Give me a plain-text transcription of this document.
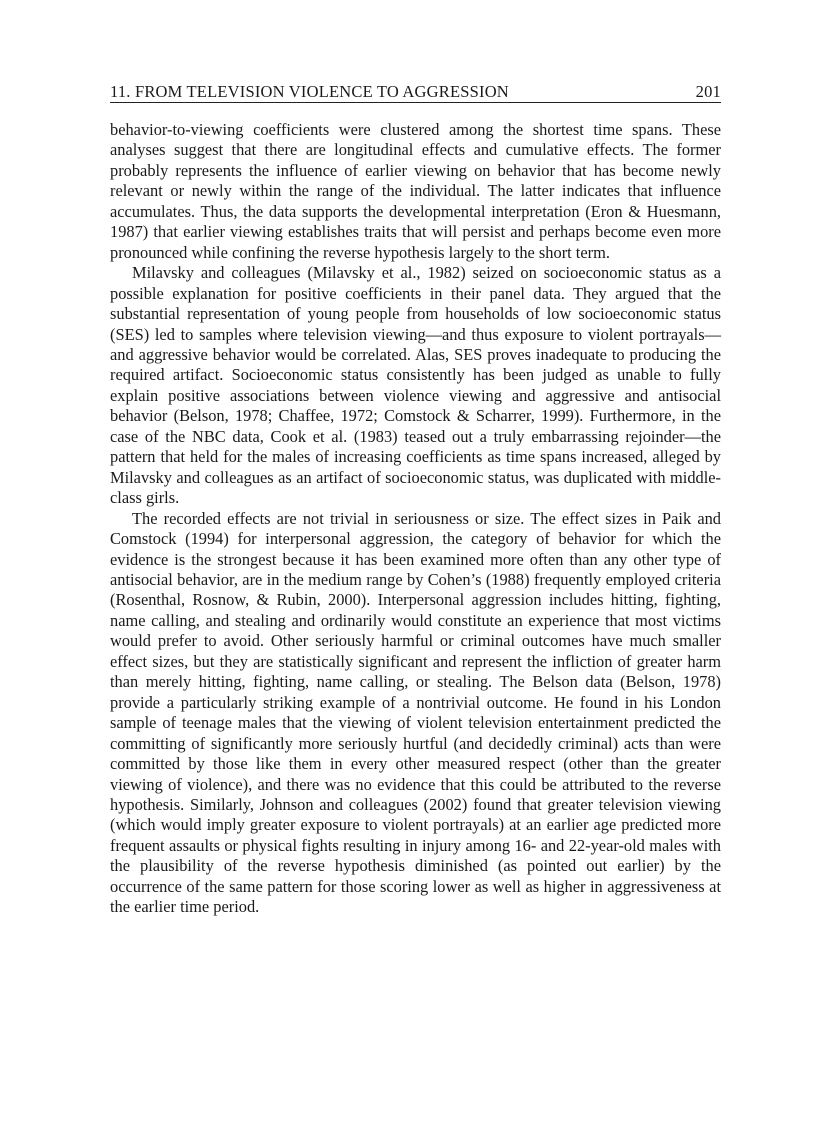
11. FROM TELEVISION VIOLENCE TO AGGRESSION	201

behavior-to-viewing coefficients were clustered among the shortest time spans. These analyses suggest that there are longitudinal effects and cumulative effects. The former probably represents the influence of earlier viewing on behavior that has become newly relevant or newly within the range of the individual. The latter indicates that influence accumulates. Thus, the data supports the developmental interpretation (Eron & Huesmann, 1987) that earlier viewing establishes traits that will persist and perhaps become even more pronounced while confining the reverse hypothesis largely to the short term.

Milavsky and colleagues (Milavsky et al., 1982) seized on socioeconomic status as a possible explanation for positive coefficients in their panel data. They argued that the substantial representation of young people from households of low socioeconomic status (SES) led to samples where television viewing—and thus exposure to violent portrayals—and aggressive behavior would be correlated. Alas, SES proves inadequate to producing the required artifact. Socioeconomic status consistently has been judged as unable to fully explain positive associations between violence viewing and aggressive and antisocial behavior (Belson, 1978; Chaffee, 1972; Comstock & Scharrer, 1999). Furthermore, in the case of the NBC data, Cook et al. (1983) teased out a truly embarrassing rejoinder—the pattern that held for the males of increasing coefficients as time spans increased, alleged by Milavsky and colleagues as an artifact of socioeconomic status, was duplicated with middle-class girls.

The recorded effects are not trivial in seriousness or size. The effect sizes in Paik and Comstock (1994) for interpersonal aggression, the category of behavior for which the evidence is the strongest because it has been examined more often than any other type of antisocial behavior, are in the medium range by Cohen’s (1988) frequently employed criteria (Rosenthal, Rosnow, & Rubin, 2000). Interpersonal aggression includes hitting, fighting, name calling, and stealing and ordinarily would constitute an experience that most victims would prefer to avoid. Other seriously harmful or criminal outcomes have much smaller effect sizes, but they are statistically significant and represent the infliction of greater harm than merely hitting, fighting, name calling, or stealing. The Belson data (Belson, 1978) provide a particularly striking example of a nontrivial outcome. He found in his London sample of teenage males that the viewing of violent television entertainment predicted the committing of significantly more seriously hurtful (and decidedly criminal) acts than were committed by those like them in every other measured respect (other than the greater viewing of violence), and there was no evidence that this could be attributed to the reverse hypothesis. Similarly, Johnson and colleagues (2002) found that greater television viewing (which would imply greater exposure to violent portrayals) at an earlier age predicted more frequent assaults or physical fights resulting in injury among 16- and 22-year-old males with the plausibility of the reverse hypothesis diminished (as pointed out earlier) by the occurrence of the same pattern for those scoring lower as well as higher in aggressiveness at the earlier time period.
